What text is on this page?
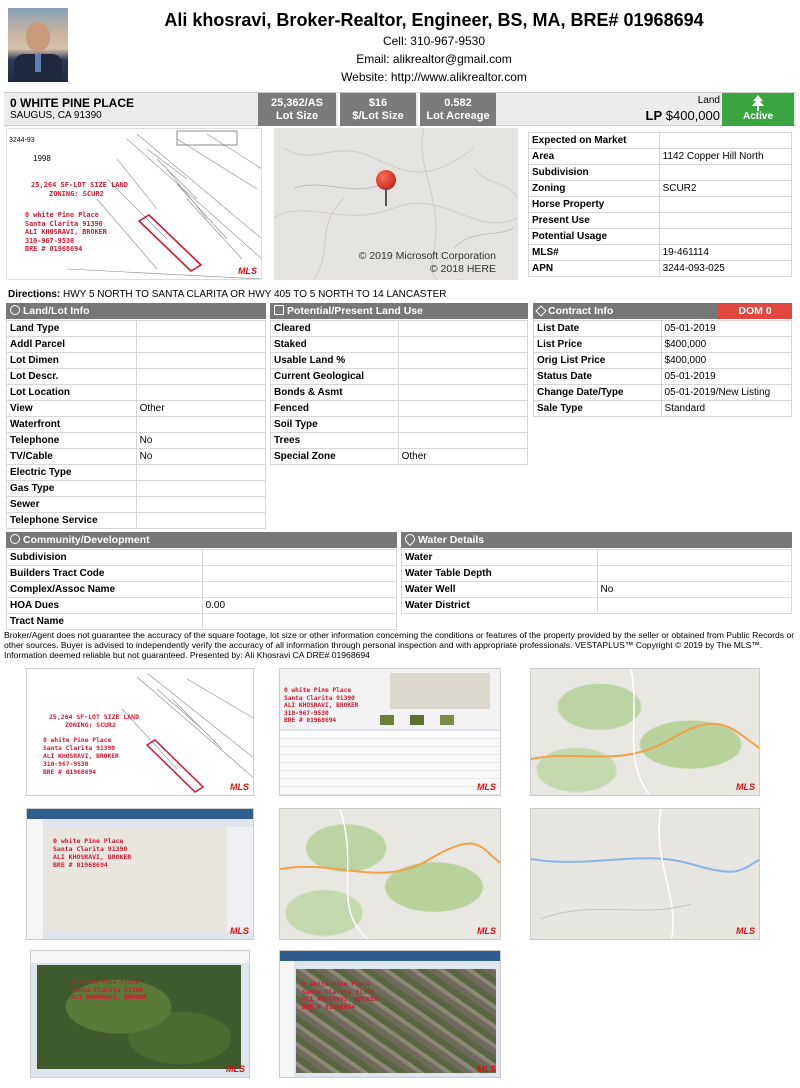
Ali khosravi, Broker-Realtor, Engineer, BS, MA, BRE# 01968694
Cell: 310-967-9530
Email: alikrealtor@gmail.com
Website: http://www.alikrealtor.com
0 WHITE PINE PLACE
SAUGUS, CA 91390
25,362/AS
Lot Size
$16
$/Lot Size
0.582
Lot Acreage
Land
LP $400,000	Active
3244-93
1998
25,264 SF-LOT SIZE LAND
ZONING: SCUR2
0 white Pine Place
Santa Clarita 91390
ALI KHOSRAVI, BROKER
310-967-9530
BRE # 01968694
MLS
© 2019 Microsoft Corporation
© 2018 HERE
Expected on Market	
Area	1142 Copper Hill North
Subdivision	
Zoning	SCUR2
Horse Property	
Present Use	
Potential Usage	
MLS#	19-461114
APN	3244-093-025
Directions: HWY 5 NORTH TO SANTA CLARITA OR HWY 405 TO 5 NORTH TO 14 LANCASTER
Land/Lot Info
Land Type	
Addl Parcel	
Lot Dimen	
Lot Descr.	
Lot Location	
View	Other
Waterfront	
Telephone	No
TV/Cable	No
Electric Type	
Gas Type	
Sewer	
Telephone Service	
Potential/Present Land Use
Cleared	
Staked	
Usable Land %	
Current Geological	
Bonds & Asmt	
Fenced	
Soil Type	
Trees	
Special Zone	Other
Contract Info	DOM 0
List Date	05-01-2019
List Price	$400,000
Orig List Price	$400,000
Status Date	05-01-2019
Change Date/Type	05-01-2019/New Listing
Sale Type	Standard
Community/Development
Subdivision	
Builders Tract Code	
Complex/Assoc Name	
HOA Dues	0.00
Tract Name	
Water Details
Water	
Water Table Depth	
Water Well	No
Water District	
Broker/Agent does not guarantee the accuracy of the square footage, lot size or other information concerning the conditions or features of the property provided by the seller or obtained from Public Records or other sources. Buyer is advised to independently verify the accuracy of all information through personal inspection and with appropriate professionals. VESTAPLUS™ Copyright © 2019 by The MLS™. Information deemed reliable but not guaranteed. Presented by: Ali Khosravi CA DRE# 01968694
25,264 SF-LOT SIZE LAND
ZONING: SCUR2
0 white Pine Place
Santa Clarita 91390
ALI KHOSRAVI, BROKER
310-967-9530
BRE # 01968694
MLS
0 white Pine Place
Santa Clarita 91390
ALI KHOSRAVI, BROKER
310-967-9530
BRE # 01968694
MLS	MLS
0 white Pine Place
Santa Clarita 91390
ALI KHOSRAVI, BROKER
BRE # 01968694
MLS	MLS	MLS
0 white Pine Place
Santa Clarita 91390
ALI KHOSRAVI, BROKER
MLS
0 white Pine Place
Santa Clarita 91390
ALI KHOSRAVI, BROKER
BRE # 01968694
MLS
